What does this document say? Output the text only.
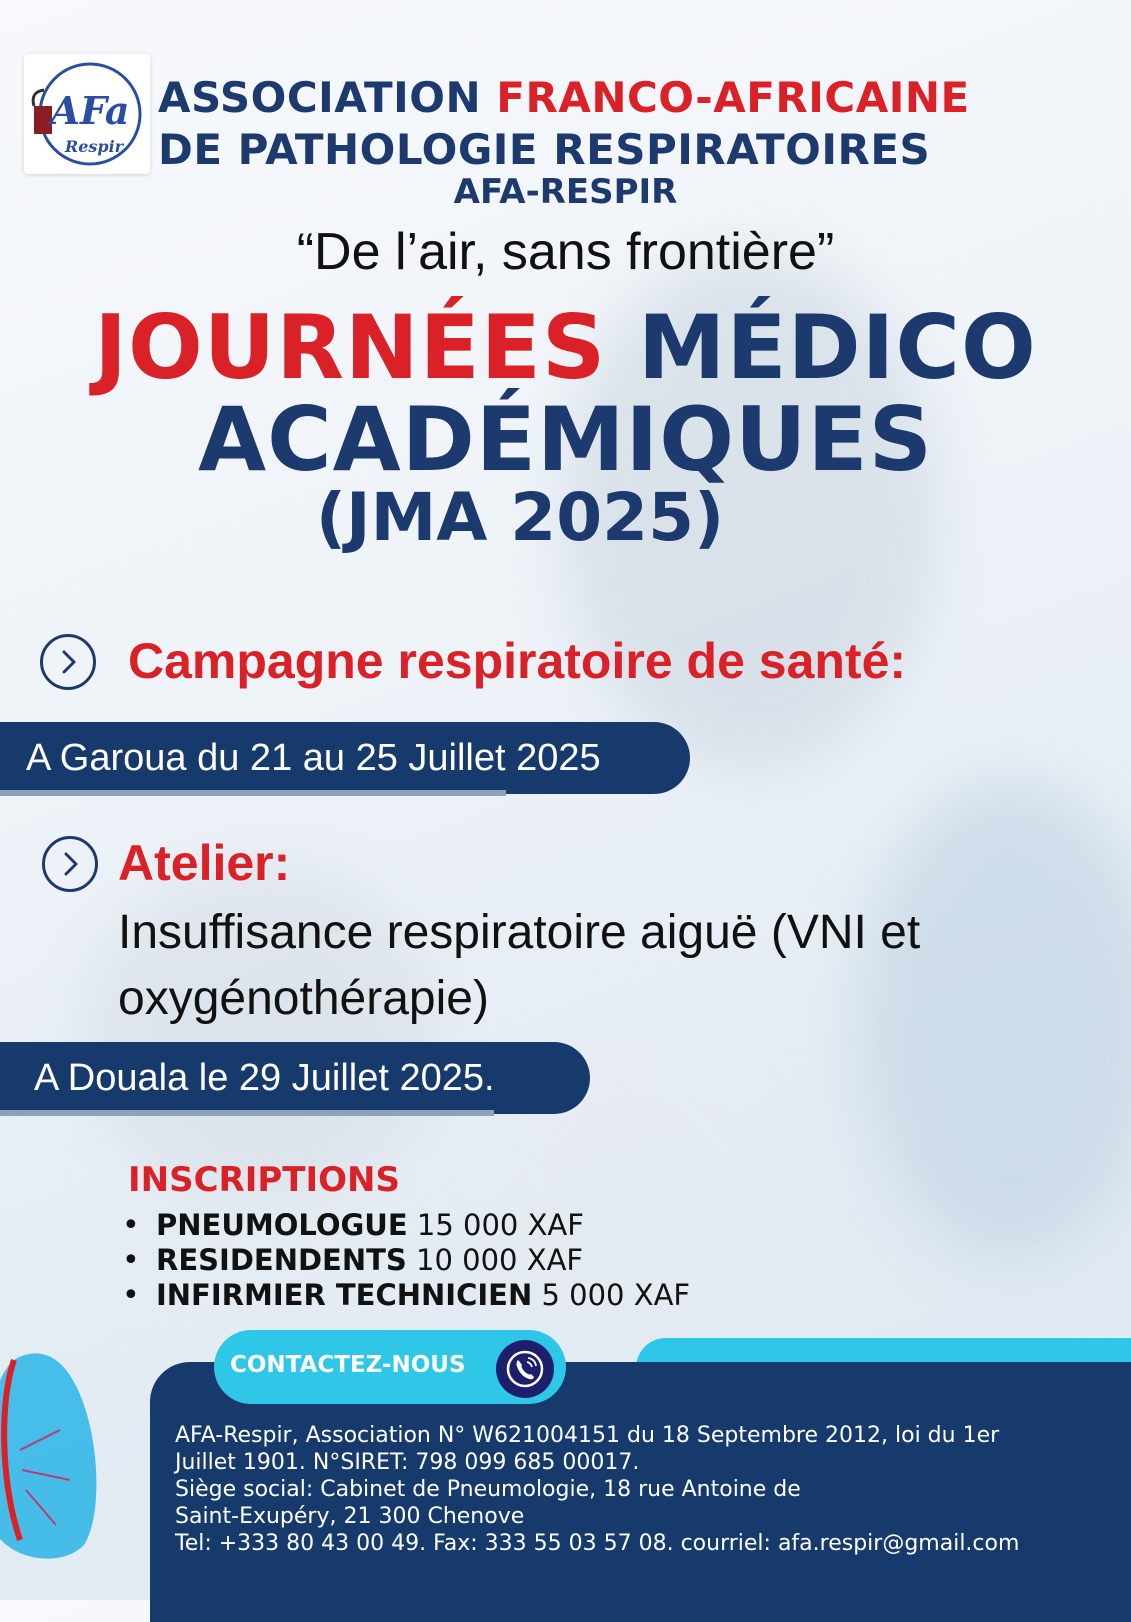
AFa
Respir
ASSOCIATION FRANCO-AFRICAINE
DE PATHOLOGIE RESPIRATOIRES
AFA-RESPIR
“De l’air, sans frontière”
JOURNÉES MÉDICO
ACADÉMIQUES
(JMA 2025)
Campagne respiratoire de santé:
A Garoua du 21 au 25 Juillet 2025
Atelier:
Insuffisance respiratoire aiguë (VNI et
oxygénothérapie)
A Douala le 29 Juillet 2025.
INSCRIPTIONS
• PNEUMOLOGUE 15 000 XAF
• RESIDENDENTS 10 000 XAF
• INFIRMIER TECHNICIEN 5 000 XAF
CONTACTEZ-NOUS
AFA-Respir, Association N° W621004151 du 18 Septembre 2012, loi du 1er
Juillet 1901. N°SIRET: 798 099 685 00017.
Siège social: Cabinet de Pneumologie, 18 rue Antoine de
Saint-Exupéry, 21 300 Chenove
Tel: +333 80 43 00 49. Fax: 333 55 03 57 08. courriel: afa.respir@gmail.com
